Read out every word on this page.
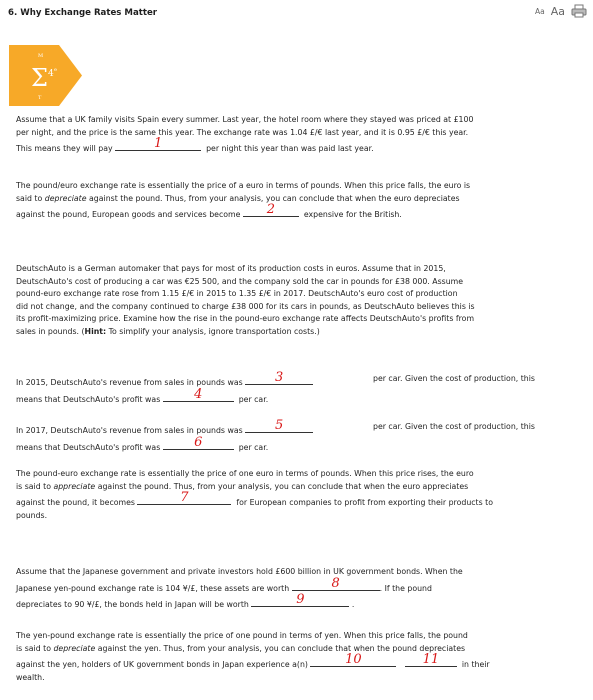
6. Why Exchange Rates Matter	Aa Aa
M
Σ 4 e
T
Assume that a UK family visits Spain every summer. Last year, the hotel room where they stayed was priced at £100
per night, and the price is the same this year. The exchange rate was 1.04 £/€ last year, and it is 0.95 £/€ this year.
This means they will pay	1	per night this year than was paid last year.
The pound/euro exchange rate is essentially the price of a euro in terms of pounds. When this price falls, the euro is
said to depreciate against the pound. Thus, from your analysis, you can conclude that when the euro depreciates
against the pound, European goods and services become	2	expensive for the British.
DeutschAuto is a German automaker that pays for most of its production costs in euros. Assume that in 2015,
DeutschAuto's cost of producing a car was €25 500, and the company sold the car in pounds for £38 000. Assume
pound-euro exchange rate rose from 1.15 £/€ in 2015 to 1.35 £/€ in 2017. DeutschAuto's euro cost of production
did not change, and the company continued to charge £38 000 for its cars in pounds, as DeutschAuto believes this is
its profit-maximizing price. Examine how the rise in the pound-euro exchange rate affects DeutschAuto's profits from
sales in pounds. (Hint: To simplify your analysis, ignore transportation costs.)
In 2015, DeutschAuto's revenue from sales in pounds was	3	per car. Given the cost of production, this
means that DeutschAuto's profit was	4	per car.
In 2017, DeutschAuto's revenue from sales in pounds was	5	per car. Given the cost of production, this
means that DeutschAuto's profit was	6	per car.
The pound-euro exchange rate is essentially the price of one euro in terms of pounds. When this price rises, the euro
is said to appreciate against the pound. Thus, from your analysis, you can conclude that when the euro appreciates
against the pound, it becomes	7	for European companies to profit from exporting their products to
pounds.
Assume that the Japanese government and private investors hold £600 billion in UK government bonds. When the
Japanese yen-pound exchange rate is 104 ¥/£, these assets are worth	8	. If the pound
depreciates to 90 ¥/£, the bonds held in Japan will be worth	9	.
The yen-pound exchange rate is essentially the price of one pound in terms of yen. When this price falls, the pound
is said to depreciate against the yen. Thus, from your analysis, you can conclude that when the pound depreciates
against the yen, holders of UK government bonds in Japan experience a(n)	10
	11	in their
wealth.
